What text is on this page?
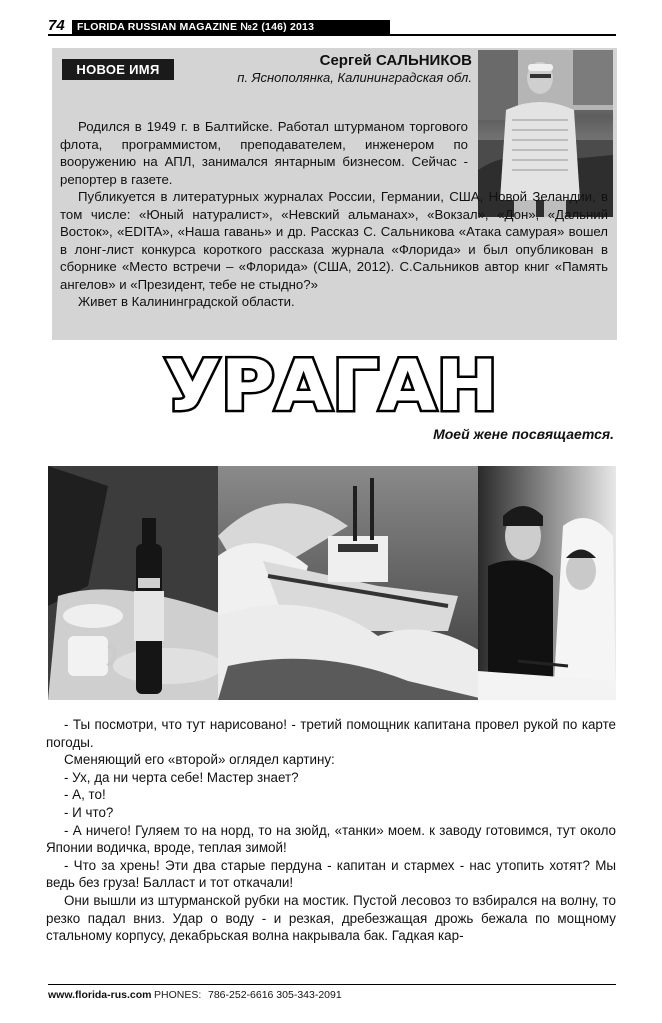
74	FLORIDA RUSSIAN MAGAZINE №2 (146) 2013
НОВОЕ ИМЯ
Сергей САЛЬНИКОВ
п. Яснополянка, Калининградская обл.

Родился в 1949 г. в Балтийске. Работал штурманом торгового флота, программистом, преподавателем, инженером по вооружению на АПЛ, занимался янтарным бизнесом. Сейчас - репортер в газете.

Публикуется в литературных журналах России, Германии, США, Новой Зеландии, в том числе: «Юный натуралист», «Невский альманах», «Вокзал», «Дон», «Дальний Восток», «EDITA», «Наша гавань» и др. Рассказ С. Сальникова «Атака самурая» вошел в лонг-лист конкурса короткого рассказа журнала «Флорида» и был опубликован в сборнике «Место встречи – «Флорида» (США, 2012). С.Сальников автор книг «Память ангелов» и «Президент, тебе не стыдно?»

Живет в Калининградской области.

УРАГАН
Моей жене посвящается.

- Ты посмотри, что тут нарисовано! - третий помощник капитана провел рукой по карте погоды.

Сменяющий его «второй» оглядел картину:

- Ух, да ни черта себе! Мастер знает?

- А, то!

- И что?

- А ничего! Гуляем то на норд, то на зюйд, «танки» моем. к заводу готовимся, тут около Японии водичка, вроде, теплая зимой!

- Что за хрень! Эти два старые пердуна - капитан и стармех - нас утопить хотят? Мы ведь без груза! Балласт и тот откачали!

Они вышли из штурманской рубки на мостик. Пустой лесовоз то взбирался на волну, то резко падал вниз. Удар о воду - и резкая, дребезжащая дрожь бежала по мощному стальному корпусу, декабрьская волна накрывала бак. Гадкая кар-

www.florida-rus.com PHONES: 786-252-6616 305-343-2091
